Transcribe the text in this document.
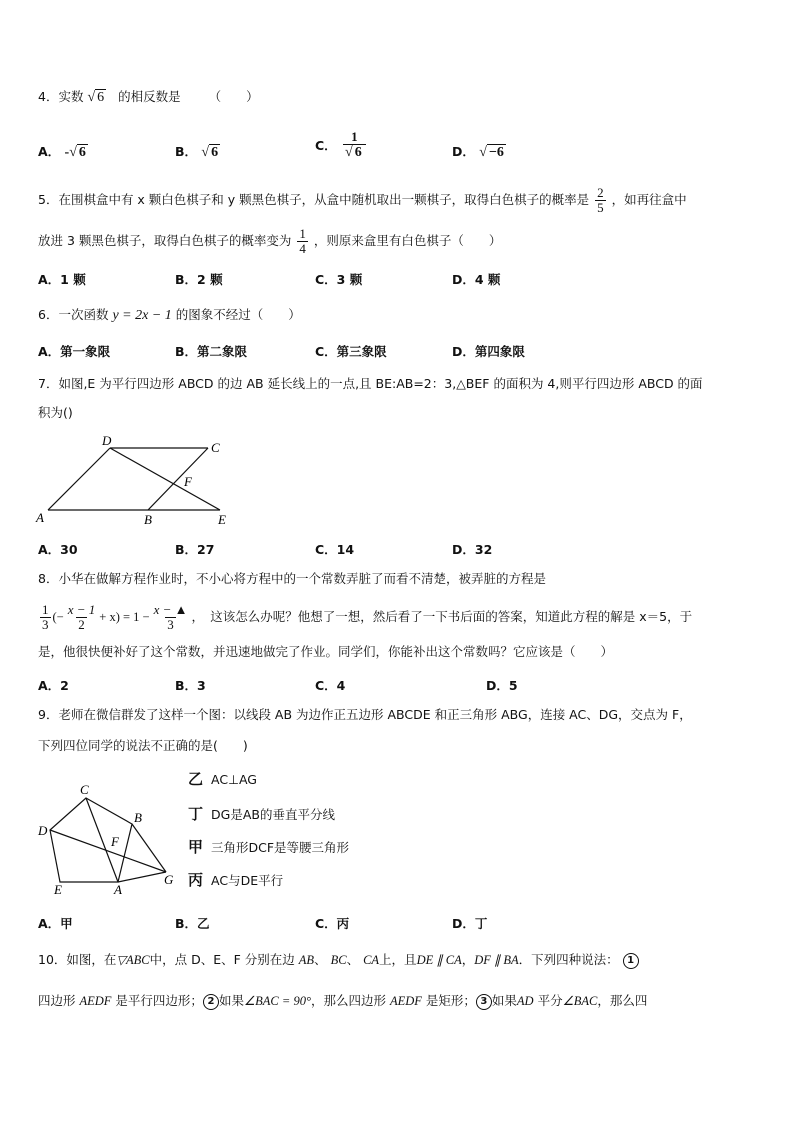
4．实数 √ 6 的相反数是 （　　）
A． -√ 6	B． √ 6	C． $\frac{1}{√ 6}$	D． √ −6
5．在围棋盒中有 x 颗白色棋子和 y 颗黑色棋子，从盒中随机取出一颗棋子，取得白色棋子的概率是 $\frac{2}{5}$ ，如再往盒中
放进 3 颗黑色棋子，取得白色棋子的概率变为 $\frac{1}{4}$ ，则原来盒里有白色棋子（　　）
A．1 颗	B．2 颗	C．3 颗	D．4 颗
6．一次函数 y = 2x − 1 的图象不经过（　　）
A．第一象限	B．第二象限	C．第三象限	D．第四象限
7．如图,E 为平行四边形 ABCD 的边 AB 延长线上的一点,且 BE:AB=2：3,△BEF 的面积为 4,则平行四边形 ABCD 的面
积为()
D	C
F
A	B	E
A．30	B．27	C．14	D．32
8．小华在做解方程作业时，不小心将方程中的一个常数弄脏了而看不清楚，被弄脏的方程是
$\frac{1}{3}$ (− $\frac{x - 1}{2} + x) = 1 - \frac{x - ▲}{3}$ ，　这该怎么办呢？他想了一想，然后看了一下书后面的答案，知道此方程的解是 x＝5，于
是，他很快便补好了这个常数，并迅速地做完了作业。同学们，你能补出这个常数吗？它应该是（　　）
A．2	B．3	C．4	D．5
9．老师在微信群发了这样一个图：以线段 AB 为边作正五边形 ABCDE 和正三角形 ABG，连接 AC、DG，交点为 F，
下列四位同学的说法不正确的是(　　)
C
B
D
F
E	A
G
乙 AC⊥AG
丁 DG是AB的垂直平分线
甲 三角形DCF是等腰三角形
丙 AC与DE平行
A．甲	B．乙	C．丙	D．丁
10．如图，在▽ABC中，点 D、E、F 分别在边 AB、 BC、 CA上，且DE ∥ CA，DF ∥ BA．下列四种说法： 1
四边形 AEDF 是平行四边形； 2 如果∠BAC = 90°，那么四边形 AEDF 是矩形； 3 如果AD 平分∠BAC，那么四
